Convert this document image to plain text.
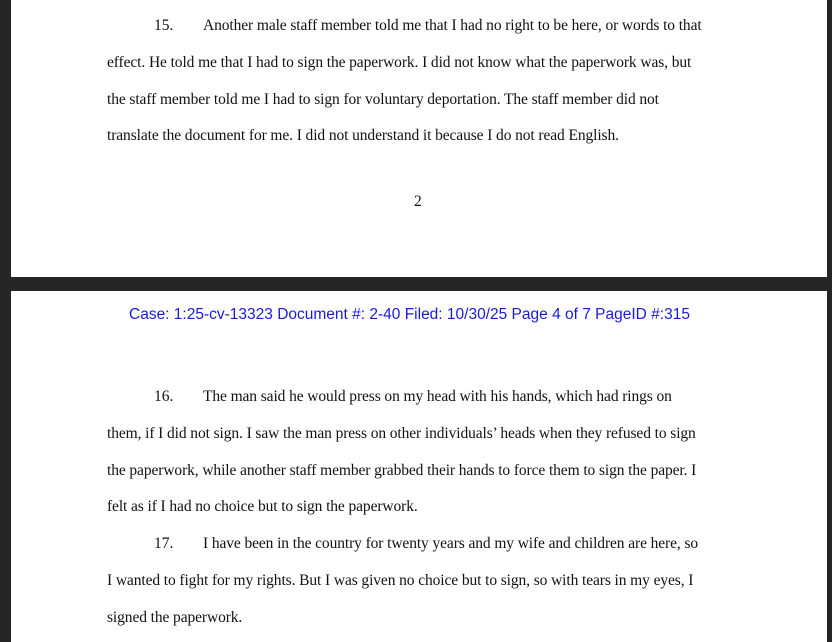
15. Another male staff member told me that I had no right to be here, or words to that
effect. He told me that I had to sign the paperwork. I did not know what the paperwork was, but
the staff member told me I had to sign for voluntary deportation. The staff member did not
translate the document for me. I did not understand it because I do not read English.
2
Case: 1:25-cv-13323 Document #: 2-40 Filed: 10/30/25 Page 4 of 7 PageID #:315
16. The man said he would press on my head with his hands, which had rings on
them, if I did not sign. I saw the man press on other individuals’ heads when they refused to sign
the paperwork, while another staff member grabbed their hands to force them to sign the paper. I
felt as if I had no choice but to sign the paperwork.
17. I have been in the country for twenty years and my wife and children are here, so
I wanted to fight for my rights. But I was given no choice but to sign, so with tears in my eyes, I
signed the paperwork.
